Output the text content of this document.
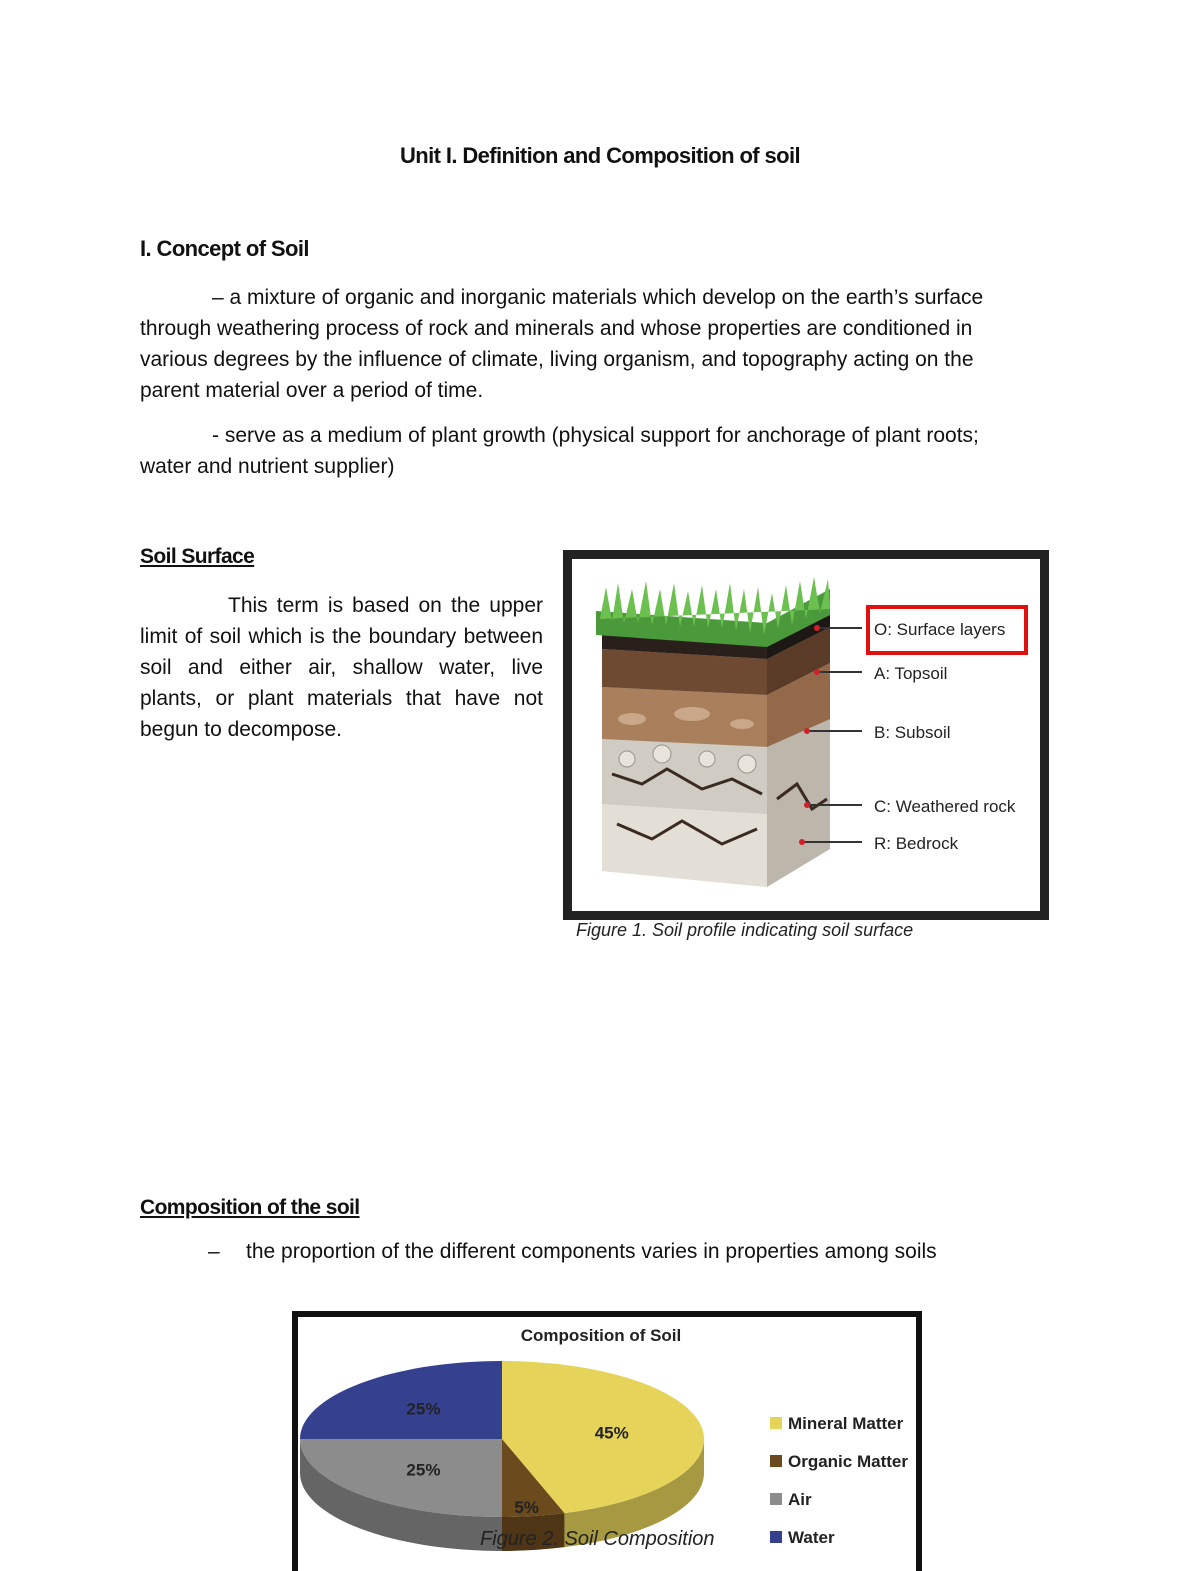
Unit I. Definition and Composition of soil
I. Concept of Soil
– a mixture of organic and inorganic materials which develop on the earth’s surface through weathering process of rock and minerals and whose properties are conditioned in various degrees by the influence of climate, living organism, and topography acting on the parent material over a period of time.
- serve as a medium of plant growth (physical support for anchorage of plant roots; water and nutrient supplier)
Soil Surface
This term is based on the upper limit of soil which is the boundary between soil and either air, shallow water, live plants, or plant materials that have not begun to decompose.
O: Surface layers
A: Topsoil
B: Subsoil
C: Weathered rock
R: Bedrock
Figure 1. Soil profile indicating soil surface
Composition of the soil
– the proportion of the different components varies in properties among soils
Composition of Soil
45%
5%
25%
25%
Mineral Matter
Organic Matter
Air
Water
Figure 2. Soil Composition
